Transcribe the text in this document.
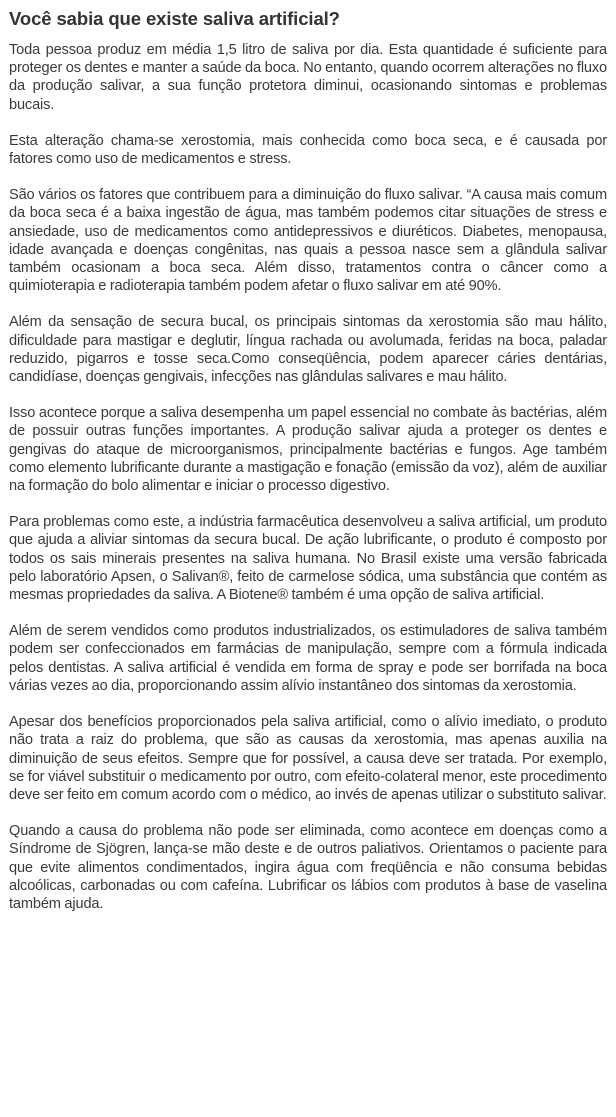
Você sabia que existe saliva artificial?

Toda pessoa produz em média 1,5 litro de saliva por dia. Esta quantidade é suficiente para proteger os dentes e manter a saúde da boca. No entanto, quando ocorrem alterações no fluxo da produção salivar, a sua função protetora diminui, ocasionando sintomas e problemas bucais.

Esta alteração chama-se xerostomia, mais conhecida como boca seca, e é causada por fatores como uso de medicamentos e stress.

São vários os fatores que contribuem para a diminuição do fluxo salivar. “A causa mais comum da boca seca é a baixa ingestão de água, mas também podemos citar situações de stress e ansiedade, uso de medicamentos como antidepressivos e diuréticos. Diabetes, menopausa, idade avançada e doenças congênitas, nas quais a pessoa nasce sem a glândula salivar também ocasionam a boca seca. Além disso, tratamentos contra o câncer como a quimioterapia e radioterapia também podem afetar o fluxo salivar em até 90%.

Além da sensação de secura bucal, os principais sintomas da xerostomia são mau hálito, dificuldade para mastigar e deglutir, língua rachada ou avolumada, feridas na boca, paladar reduzido, pigarros e tosse seca.Como conseqüência, podem aparecer cáries dentárias, candidíase, doenças gengivais, infecções nas glândulas salivares e mau hálito.

Isso acontece porque a saliva desempenha um papel essencial no combate às bactérias, além de possuir outras funções importantes. A produção salivar ajuda a proteger os dentes e gengivas do ataque de microorganismos, principalmente bactérias e fungos. Age também como elemento lubrificante durante a mastigação e fonação (emissão da voz), além de auxiliar na formação do bolo alimentar e iniciar o processo digestivo.

Para problemas como este, a indústria farmacêutica desenvolveu a saliva artificial, um produto que ajuda a aliviar sintomas da secura bucal. De ação lubrificante, o produto é composto por todos os sais minerais presentes na saliva humana. No Brasil existe uma versão fabricada pelo laboratório Apsen, o Salivan®, feito de carmelose sódica, uma substância que contém as mesmas propriedades da saliva. A Biotene® também é uma opção de saliva artificial.

Além de serem vendidos como produtos industrializados, os estimuladores de saliva também podem ser confeccionados em farmácias de manipulação, sempre com a fórmula indicada pelos dentistas. A saliva artificial é vendida em forma de spray e pode ser borrifada na boca várias vezes ao dia, proporcionando assim alívio instantâneo dos sintomas da xerostomia.

Apesar dos benefícios proporcionados pela saliva artificial, como o alívio imediato, o produto não trata a raiz do problema, que são as causas da xerostomia, mas apenas auxilia na diminuição de seus efeitos. Sempre que for possível, a causa deve ser tratada. Por exemplo, se for viável substituir o medicamento por outro, com efeito-colateral menor, este procedimento deve ser feito em comum acordo com o médico, ao invés de apenas utilizar o substituto salivar.

Quando a causa do problema não pode ser eliminada, como acontece em doenças como a Síndrome de Sjögren, lança-se mão deste e de outros paliativos. Orientamos o paciente para que evite alimentos condimentados, ingira água com freqüência e não consuma bebidas alcoólicas, carbonadas ou com cafeína. Lubrificar os lábios com produtos à base de vaselina também ajuda.
